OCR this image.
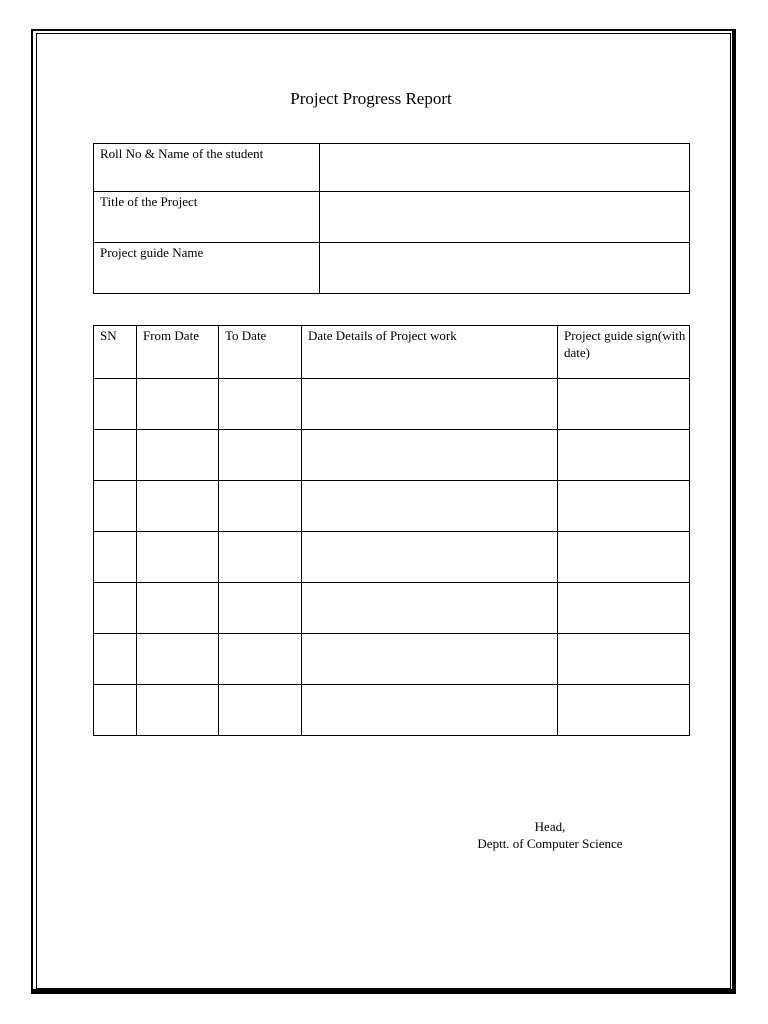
Project Progress Report
Roll No & Name of the student	
Title of the Project	
Project guide Name	
SN	From Date	To Date	Date Details of Project work	Project guide sign(with date)

Head,
Deptt. of Computer Science
